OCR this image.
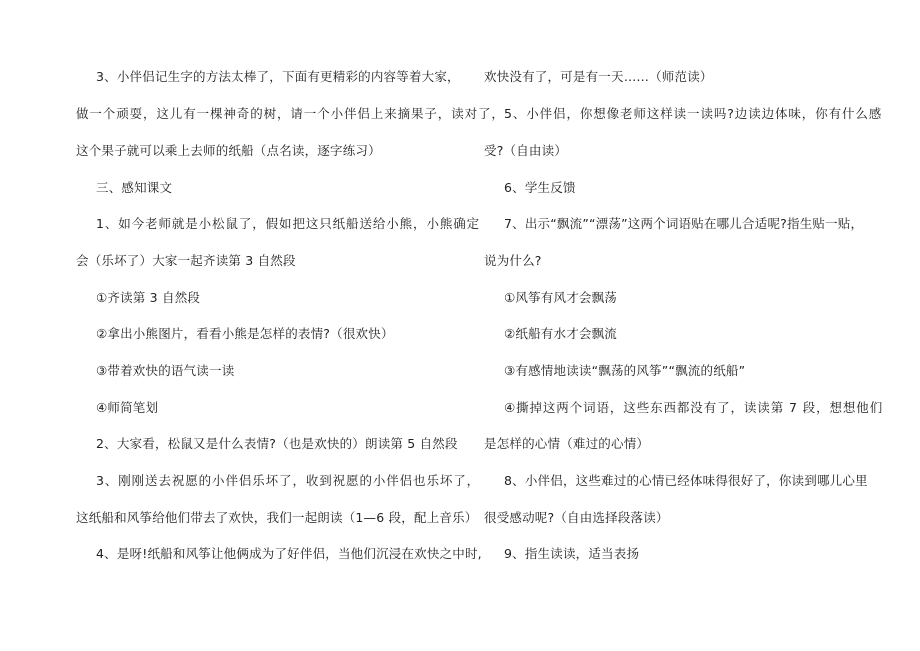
3、小伴侣记生字的方法太棒了，下面有更精彩的内容等着大家，
做一个顽耍，这儿有一棵神奇的树，请一个小伴侣上来摘果子，读对了，
这个果子就可以乘上去师的纸船（点名读，逐字练习）
三、感知课文
1、如今老师就是小松鼠了，假如把这只纸船送给小熊，小熊确定
会（乐坏了）大家一起齐读第 3 自然段
①齐读第 3 自然段
②拿出小熊图片，看看小熊是怎样的表情?（很欢快）
③带着欢快的语气读一读
④师简笔划
2、大家看，松鼠又是什么表情?（也是欢快的）朗读第 5 自然段
3、刚刚送去祝愿的小伴侣乐坏了，收到祝愿的小伴侣也乐坏了，
这纸船和风筝给他们带去了欢快，我们一起朗读（1—6 段，配上音乐）
4、是呀!纸船和风筝让他俩成为了好伴侣，当他们沉浸在欢快之中时,
欢快没有了，可是有一天……（师范读）
5、小伴侣，你想像老师这样读一读吗?边读边体味，你有什么感
受?（自由读）
6、学生反馈
7、出示“飘流”“漂荡”这两个词语贴在哪儿合适呢?指生贴一贴，
说为什么?
①风筝有风才会飘荡
②纸船有水才会飘流
③有感情地读读“飘荡的风筝”“飘流的纸船”
④撕掉这两个词语，这些东西都没有了，读读第 7 段，想想他们
是怎样的心情（难过的心情）
8、小伴侣，这些难过的心情已经体味得很好了，你读到哪儿心里
很受感动呢?（自由选择段落读）
9、指生读读，适当表扬
